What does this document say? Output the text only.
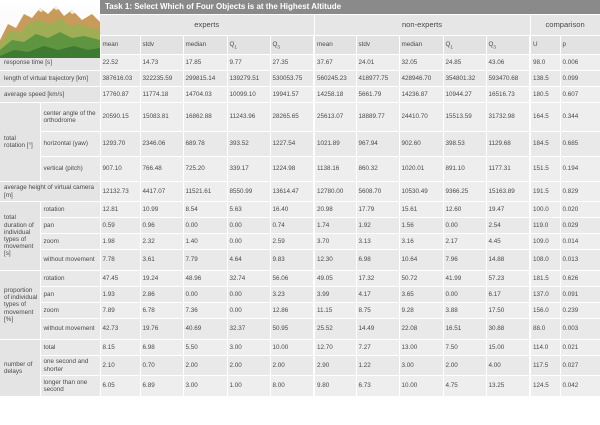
		Task 1: Select Which of Four Objects is at the Highest Altitude											
		experts					non-experts					comparison	
		mean	stdv	median	$Q_1$	$Q_3$	mean	stdv	median	$Q_1$	$Q_3$	U	p
response time [s]		22.52	14.73	17.85	9.77	27.35	37.67	24.01	32.05	24.85	43.06	98.0	0.006
length of virtual trajectory [km]		387616.03	322235.59	299815.14	139279.51	530053.75	560245.23	418977.75	428946.70	354801.32	593470.68	138.5	0.099
average speed [km/s]		17760.87	11774.18	14704.03	10099.10	19941.57	14258.18	5661.79	14236.87	10944.27	16516.73	180.5	0.607
total rotation [°]	center angle of the orthodrome	20590.15	15083.81	16862.88	11243.96	28265.65	25613.07	18889.77	24410.70	15513.59	31732.98	164.5	0.344
	horizontal (yaw)	1293.70	2346.06	689.78	393.52	1227.54	1021.89	967.94	902.60	398.53	1129.68	184.5	0.685
	vertical (pitch)	907.10	766.48	725.20	339.17	1224.98	1138.16	860.32	1020.01	891.10	1177.31	151.5	0.194
average height of virtual camera [m]		12132.73	4417.07	11521.61	8550.99	13614.47	12780.00	5608.70	10530.49	9366.25	15163.89	191.5	0.829
total duration of individual types of movement [s]	rotation	12.81	10.99	8.54	5.63	16.40	20.98	17.79	15.61	12.60	19.47	100.0	0.020
	pan	0.59	0.96	0.00	0.00	0.74	1.74	1.92	1.56	0.00	2.54	119.0	0.029
	zoom	1.98	2.32	1.40	0.00	2.59	3.70	3.13	3.16	2.17	4.45	109.0	0.014
	without movement	7.78	3.61	7.79	4.64	9.83	12.30	6.98	10.64	7.96	14.88	108.0	0.013
proportion of individual types of movement [%]	rotation	47.45	19.24	48.96	32.74	56.06	49.05	17.32	50.72	41.99	57.23	181.5	0.626
	pan	1.93	2.86	0.00	0.00	3.23	3.99	4.17	3.65	0.00	6.17	137.0	0.091
	zoom	7.89	6.78	7.36	0.00	12.86	11.15	8.75	9.28	3.88	17.50	156.0	0.239
	without movement	42.73	19.76	40.69	32.37	50.95	25.52	14.49	22.08	16.51	30.88	88.0	0.003
number of delays	total	8.15	6.98	5.50	3.00	10.00	12.70	7.27	13.00	7.50	15.00	114.0	0.021
	one second and shorter	2.10	0.70	2.00	2.00	2.00	2.90	1.22	3.00	2.00	4.00	117.5	0.027
	longer than one second	6.05	6.89	3.00	1.00	8.00	9.80	6.73	10.00	4.75	13.25	124.5	0.042
